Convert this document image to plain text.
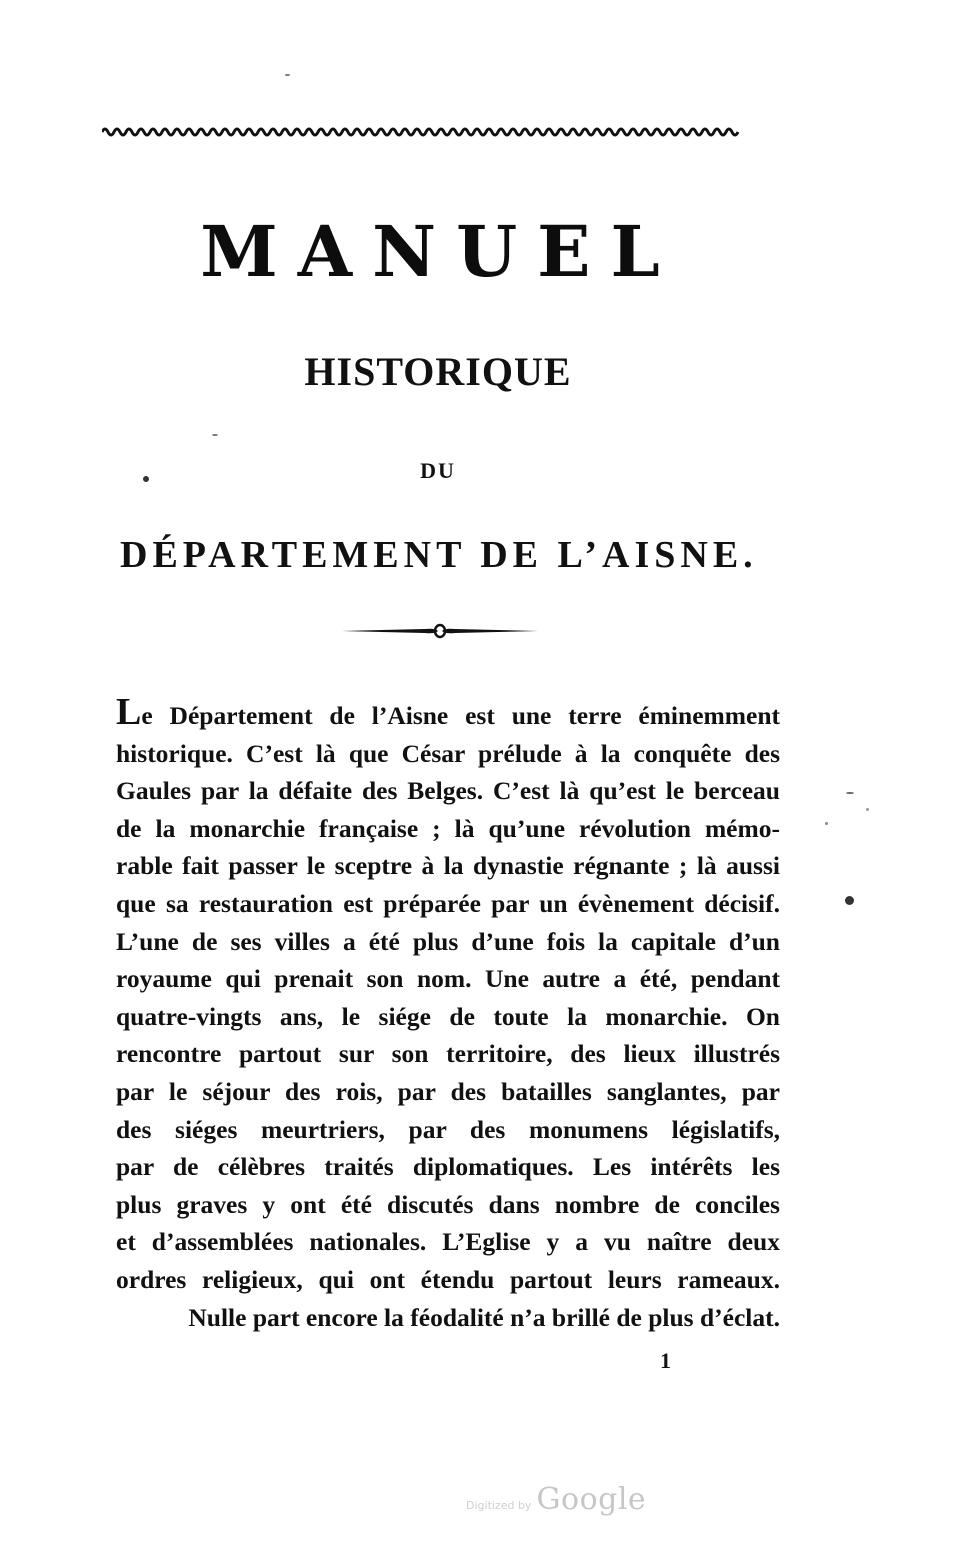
MANUEL
HISTORIQUE
DU
DÉPARTEMENT DE L’AISNE.
Le Département de l’Aisne est une terre éminemment
historique. C’est là que César prélude à la conquête des
Gaules par la défaite des Belges. C’est là qu’est le berceau
de la monarchie française ; là qu’une révolution mémo-
rable fait passer le sceptre à la dynastie régnante ; là aussi
que sa restauration est préparée par un évènement décisif.
L’une de ses villes a été plus d’une fois la capitale d’un
royaume qui prenait son nom. Une autre a été, pendant
quatre-vingts ans, le siége de toute la monarchie. On
rencontre partout sur son territoire, des lieux illustrés
par le séjour des rois, par des batailles sanglantes, par
des siéges meurtriers, par des monumens législatifs,
par de célèbres traités diplomatiques. Les intérêts les
plus graves y ont été discutés dans nombre de conciles
et d’assemblées nationales. L’Eglise y a vu naître deux
ordres religieux, qui ont étendu partout leurs rameaux.
Nulle part encore la féodalité n’a brillé de plus d’éclat.
1
Digitized by Google
